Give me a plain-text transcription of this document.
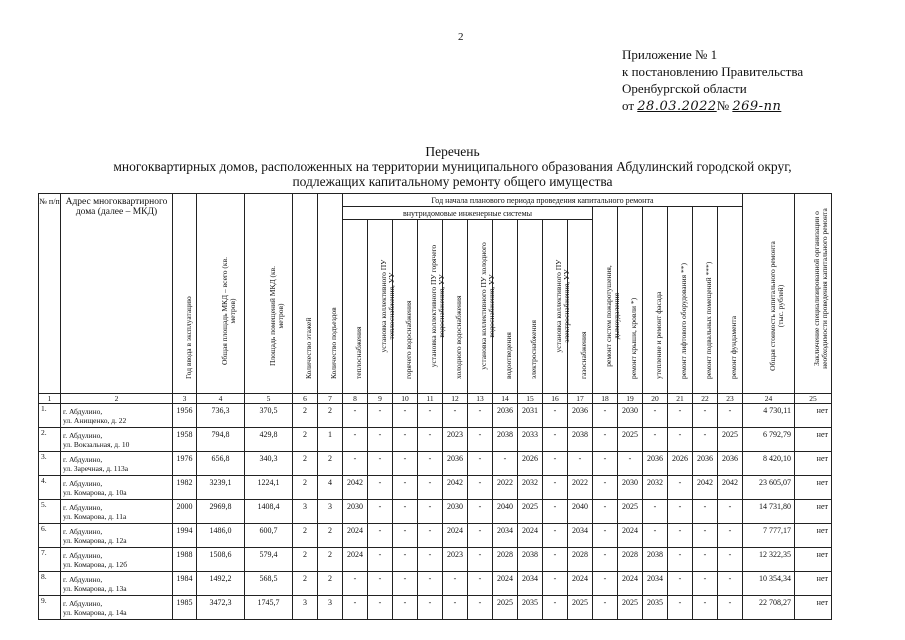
2
Приложение № 1
к постановлению Правительства
Оренбургской области
от 28.03.2022№ 269-пп
Перечень
многоквартирных домов, расположенных на территории муниципального образования Абдулинский городской округ,
подлежащих капитальному ремонту общего имущества
№ п/п	Адрес многоквартирного дома (далее – МКД)	Год ввода в эксплуатацию	Общая площадь МКД – всего (кв. метров)	Площадь помещений МКД (кв. метров)	Количество этажей	Количество подъездов	Год начала планового периода проведения капитального ремонта																Общая стоимость капитального ремонта (тыс. рублей)	Заключение специализированной организации о необходимости проведения капитального ремонта

							внутридомовые инженерные системы										ремонт систем пожаротушения, дымоудаления	ремонт крыши, кровли *)	утепление и ремонт фасада	ремонт лифтового оборудования **)	ремонт подвальных помещений ***)	ремонт фундамента		

							теплоснабжения	установка коллективного ПУ теплоснабжения, УУ	горячего водоснабжения	установка коллективного ПУ горячего водоснабжения, УУ	холодного водоснабжения	установка коллективного ПУ холодного водоснабжения, УУ	водоотведения	электроснабжения	установка коллективного ПУ электроснабжения, УУ	газоснабжения								

1	2	3	4	5	6	7	8	9	10	11	12	13	14	15	16	17	18	19	20	21	22	23	24	25
1.	г. Абдулино,
ул. Анищенко, д. 22	1956	736,3	370,5	2	2	-	-	-	-	-	-	2036	2031	-	2036	-	2030	-	-	-	-	4 730,11	нет
2.	г. Абдулино,
ул. Вокзальная, д. 10	1958	794,8	429,8	2	1	-	-	-	-	2023	-	2038	2033	-	2038	-	2025	-	-	-	2025	6 792,79	нет
3.	г. Абдулино,
ул. Заречная, д. 113а	1976	656,8	340,3	2	2	-	-	-	-	2036	-	-	2026	-	-	-	-	2036	2026	2036	2036	8 420,10	нет
4.	г. Абдулино,
ул. Комарова, д. 10а	1982	3239,1	1224,1	2	4	2042	-	-	-	2042	-	2022	2032	-	2022	-	2030	2032	-	2042	2042	23 605,07	нет
5.	г. Абдулино,
ул. Комарова, д. 11а	2000	2969,8	1408,4	3	3	2030	-	-	-	2030	-	2040	2025	-	2040	-	2025	-	-	-	-	14 731,80	нет
6.	г. Абдулино,
ул. Комарова, д. 12а	1994	1486,0	600,7	2	2	2024	-	-	-	2024	-	2034	2024	-	2034	-	2024	-	-	-	-	7 777,17	нет
7.	г. Абдулино,
ул. Комарова, д. 12б	1988	1508,6	579,4	2	2	2024	-	-	-	2023	-	2028	2038	-	2028	-	2028	2038	-	-	-	12 322,35	нет
8.	г. Абдулино,
ул. Комарова, д. 13а	1984	1492,2	568,5	2	2	-	-	-	-	-	-	2024	2034	-	2024	-	2024	2034	-	-	-	10 354,34	нет
9.	г. Абдулино,
ул. Комарова, д. 14а	1985	3472,3	1745,7	3	3	-	-	-	-	-	-	2025	2035	-	2025	-	2025	2035	-	-	-	22 708,27	нет
